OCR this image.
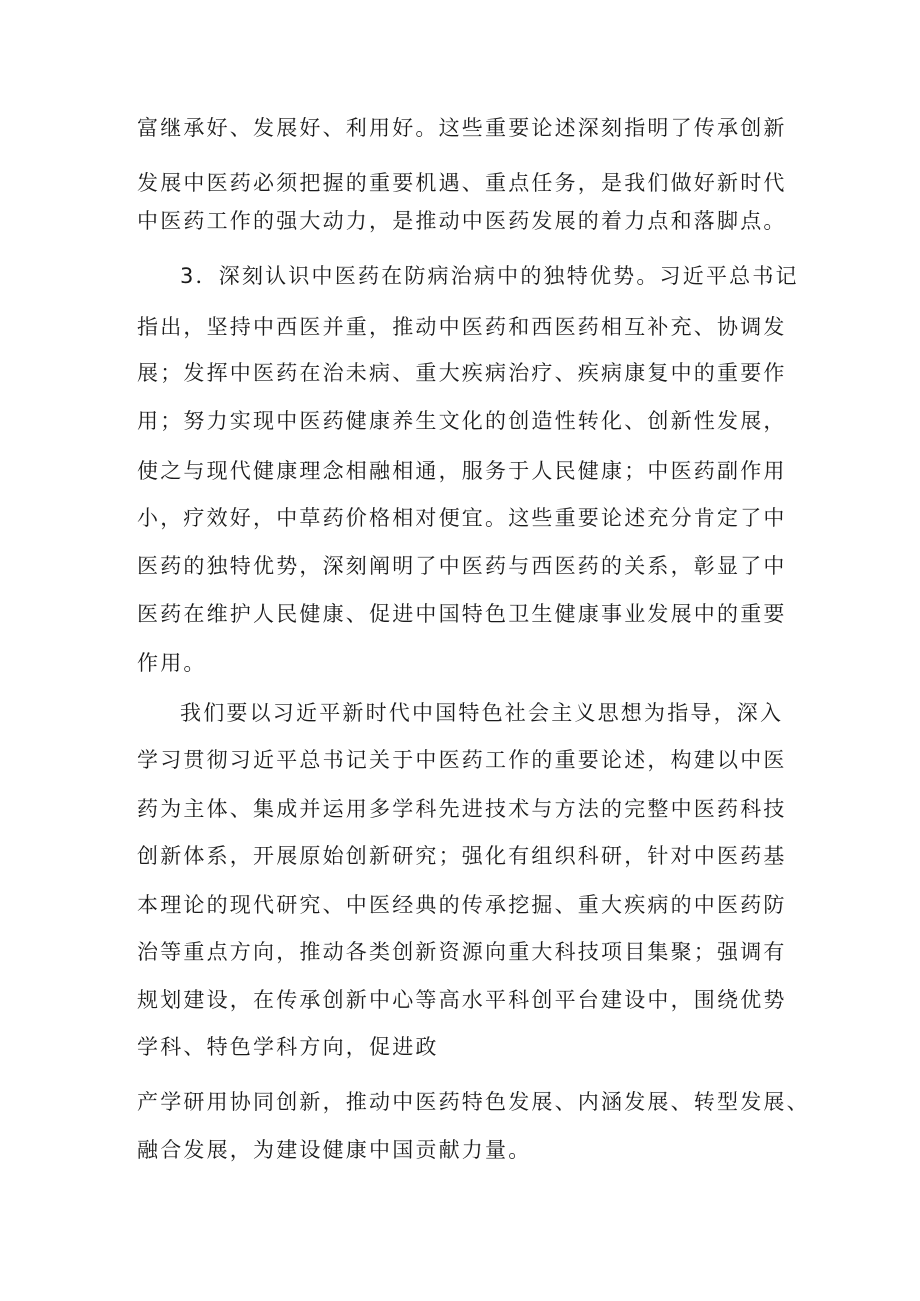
富继承好、发展好、利用好。这些重要论述深刻指明了传承创新
发展中医药必须把握的重要机遇、重点任务，是我们做好新时代
中医药工作的强大动力，是推动中医药发展的着力点和落脚点。
3．深刻认识中医药在防病治病中的独特优势。习近平总书记
指出，坚持中西医并重，推动中医药和西医药相互补充、协调发
展；发挥中医药在治未病、重大疾病治疗、疾病康复中的重要作
用；努力实现中医药健康养生文化的创造性转化、创新性发展，
使之与现代健康理念相融相通，服务于人民健康；中医药副作用
小，疗效好，中草药价格相对便宜。这些重要论述充分肯定了中
医药的独特优势，深刻阐明了中医药与西医药的关系，彰显了中
医药在维护人民健康、促进中国特色卫生健康事业发展中的重要
作用。
我们要以习近平新时代中国特色社会主义思想为指导，深入
学习贯彻习近平总书记关于中医药工作的重要论述，构建以中医
药为主体、集成并运用多学科先进技术与方法的完整中医药科技
创新体系，开展原始创新研究；强化有组织科研，针对中医药基
本理论的现代研究、中医经典的传承挖掘、重大疾病的中医药防
治等重点方向，推动各类创新资源向重大科技项目集聚；强调有
规划建设，在传承创新中心等高水平科创平台建设中，围绕优势
学科、特色学科方向，促进政
产学研用协同创新，推动中医药特色发展、内涵发展、转型发展、
融合发展，为建设健康中国贡献力量。
